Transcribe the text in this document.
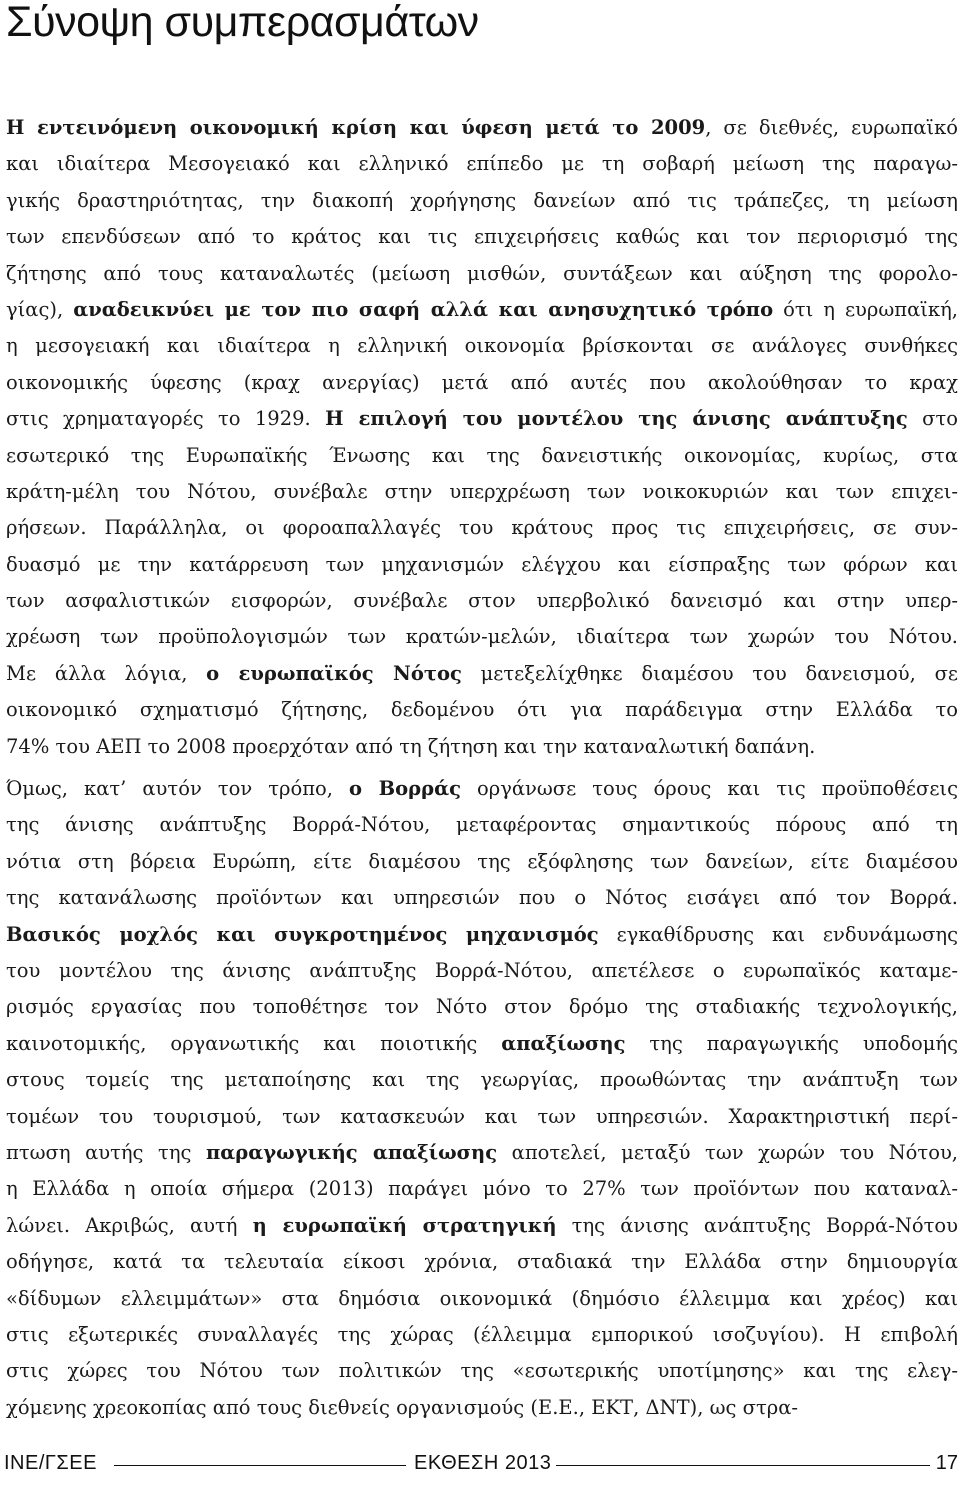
Σύνοψη συμπερασμάτων
Η εντεινόμενη οικονομική κρίση και ύφεση μετά το 2009, σε διεθνές, ευρωπαϊκό
και ιδιαίτερα Μεσογειακό και ελληνικό επίπεδο με τη σοβαρή μείωση της παραγω-
γικής δραστηριότητας, την διακοπή χορήγησης δανείων από τις τράπεζες, τη μείωση
των επενδύσεων από το κράτος και τις επιχειρήσεις καθώς και τον περιορισμό της
ζήτησης από τους καταναλωτές (μείωση μισθών, συντάξεων και αύξηση της φορολο-
γίας), αναδεικνύει με τον πιο σαφή αλλά και ανησυχητικό τρόπο ότι η ευρωπαϊκή,
η μεσογειακή και ιδιαίτερα η ελληνική οικονομία βρίσκονται σε ανάλογες συνθήκες
οικονομικής ύφεσης (κραχ ανεργίας) μετά από αυτές που ακολούθησαν το κραχ
στις χρηματαγορές το 1929. Η επιλογή του μοντέλου της άνισης ανάπτυξης στο
εσωτερικό της Ευρωπαϊκής Ένωσης και της δανειστικής οικονομίας, κυρίως, στα
κράτη-μέλη του Νότου, συνέβαλε στην υπερχρέωση των νοικοκυριών και των επιχει-
ρήσεων. Παράλληλα, οι φοροαπαλλαγές του κράτους προς τις επιχειρήσεις, σε συν-
δυασμό με την κατάρρευση των μηχανισμών ελέγχου και είσπραξης των φόρων και
των ασφαλιστικών εισφορών, συνέβαλε στον υπερβολικό δανεισμό και στην υπερ-
χρέωση των προϋπολογισμών των κρατών-μελών, ιδιαίτερα των χωρών του Νότου.
Με άλλα λόγια, ο ευρωπαϊκός Νότος μετεξελίχθηκε διαμέσου του δανεισμού, σε
οικονομικό σχηματισμό ζήτησης, δεδομένου ότι για παράδειγμα στην Ελλάδα το
74% του ΑΕΠ το 2008 προερχόταν από τη ζήτηση και την καταναλωτική δαπάνη.
Όμως, κατ’ αυτόν τον τρόπο, ο Βορράς οργάνωσε τους όρους και τις προϋποθέσεις
της άνισης ανάπτυξης Βορρά-Νότου, μεταφέροντας σημαντικούς πόρους από τη
νότια στη βόρεια Ευρώπη, είτε διαμέσου της εξόφλησης των δανείων, είτε διαμέσου
της κατανάλωσης προϊόντων και υπηρεσιών που ο Νότος εισάγει από τον Βορρά.
Βασικός μοχλός και συγκροτημένος μηχανισμός εγκαθίδρυσης και ενδυνάμωσης
του μοντέλου της άνισης ανάπτυξης Βορρά-Νότου, απετέλεσε ο ευρωπαϊκός καταμε-
ρισμός εργασίας που τοποθέτησε τον Νότο στον δρόμο της σταδιακής τεχνολογικής,
καινοτομικής, οργανωτικής και ποιοτικής απαξίωσης της παραγωγικής υποδομής
στους τομείς της μεταποίησης και της γεωργίας, προωθώντας την ανάπτυξη των
τομέων του τουρισμού, των κατασκευών και των υπηρεσιών. Χαρακτηριστική περί-
πτωση αυτής της παραγωγικής απαξίωσης αποτελεί, μεταξύ των χωρών του Νότου,
η Ελλάδα η οποία σήμερα (2013) παράγει μόνο το 27% των προϊόντων που καταναλ-
λώνει. Ακριβώς, αυτή η ευρωπαϊκή στρατηγική της άνισης ανάπτυξης Βορρά-Νότου
οδήγησε, κατά τα τελευταία είκοσι χρόνια, σταδιακά την Ελλάδα στην δημιουργία
«δίδυμων ελλειμμάτων» στα δημόσια οικονομικά (δημόσιο έλλειμμα και χρέος) και
στις εξωτερικές συναλλαγές της χώρας (έλλειμμα εμπορικού ισοζυγίου). Η επιβολή
στις χώρες του Νότου των πολιτικών της «εσωτερικής υποτίμησης» και της ελεγ-
χόμενης χρεοκοπίας από τους διεθνείς οργανισμούς (Ε.Ε., ΕΚΤ, ΔΝΤ), ως στρα-
ΙΝΕ/ΓΣΕΕ	ΕΚΘΕΣΗ 2013	17
